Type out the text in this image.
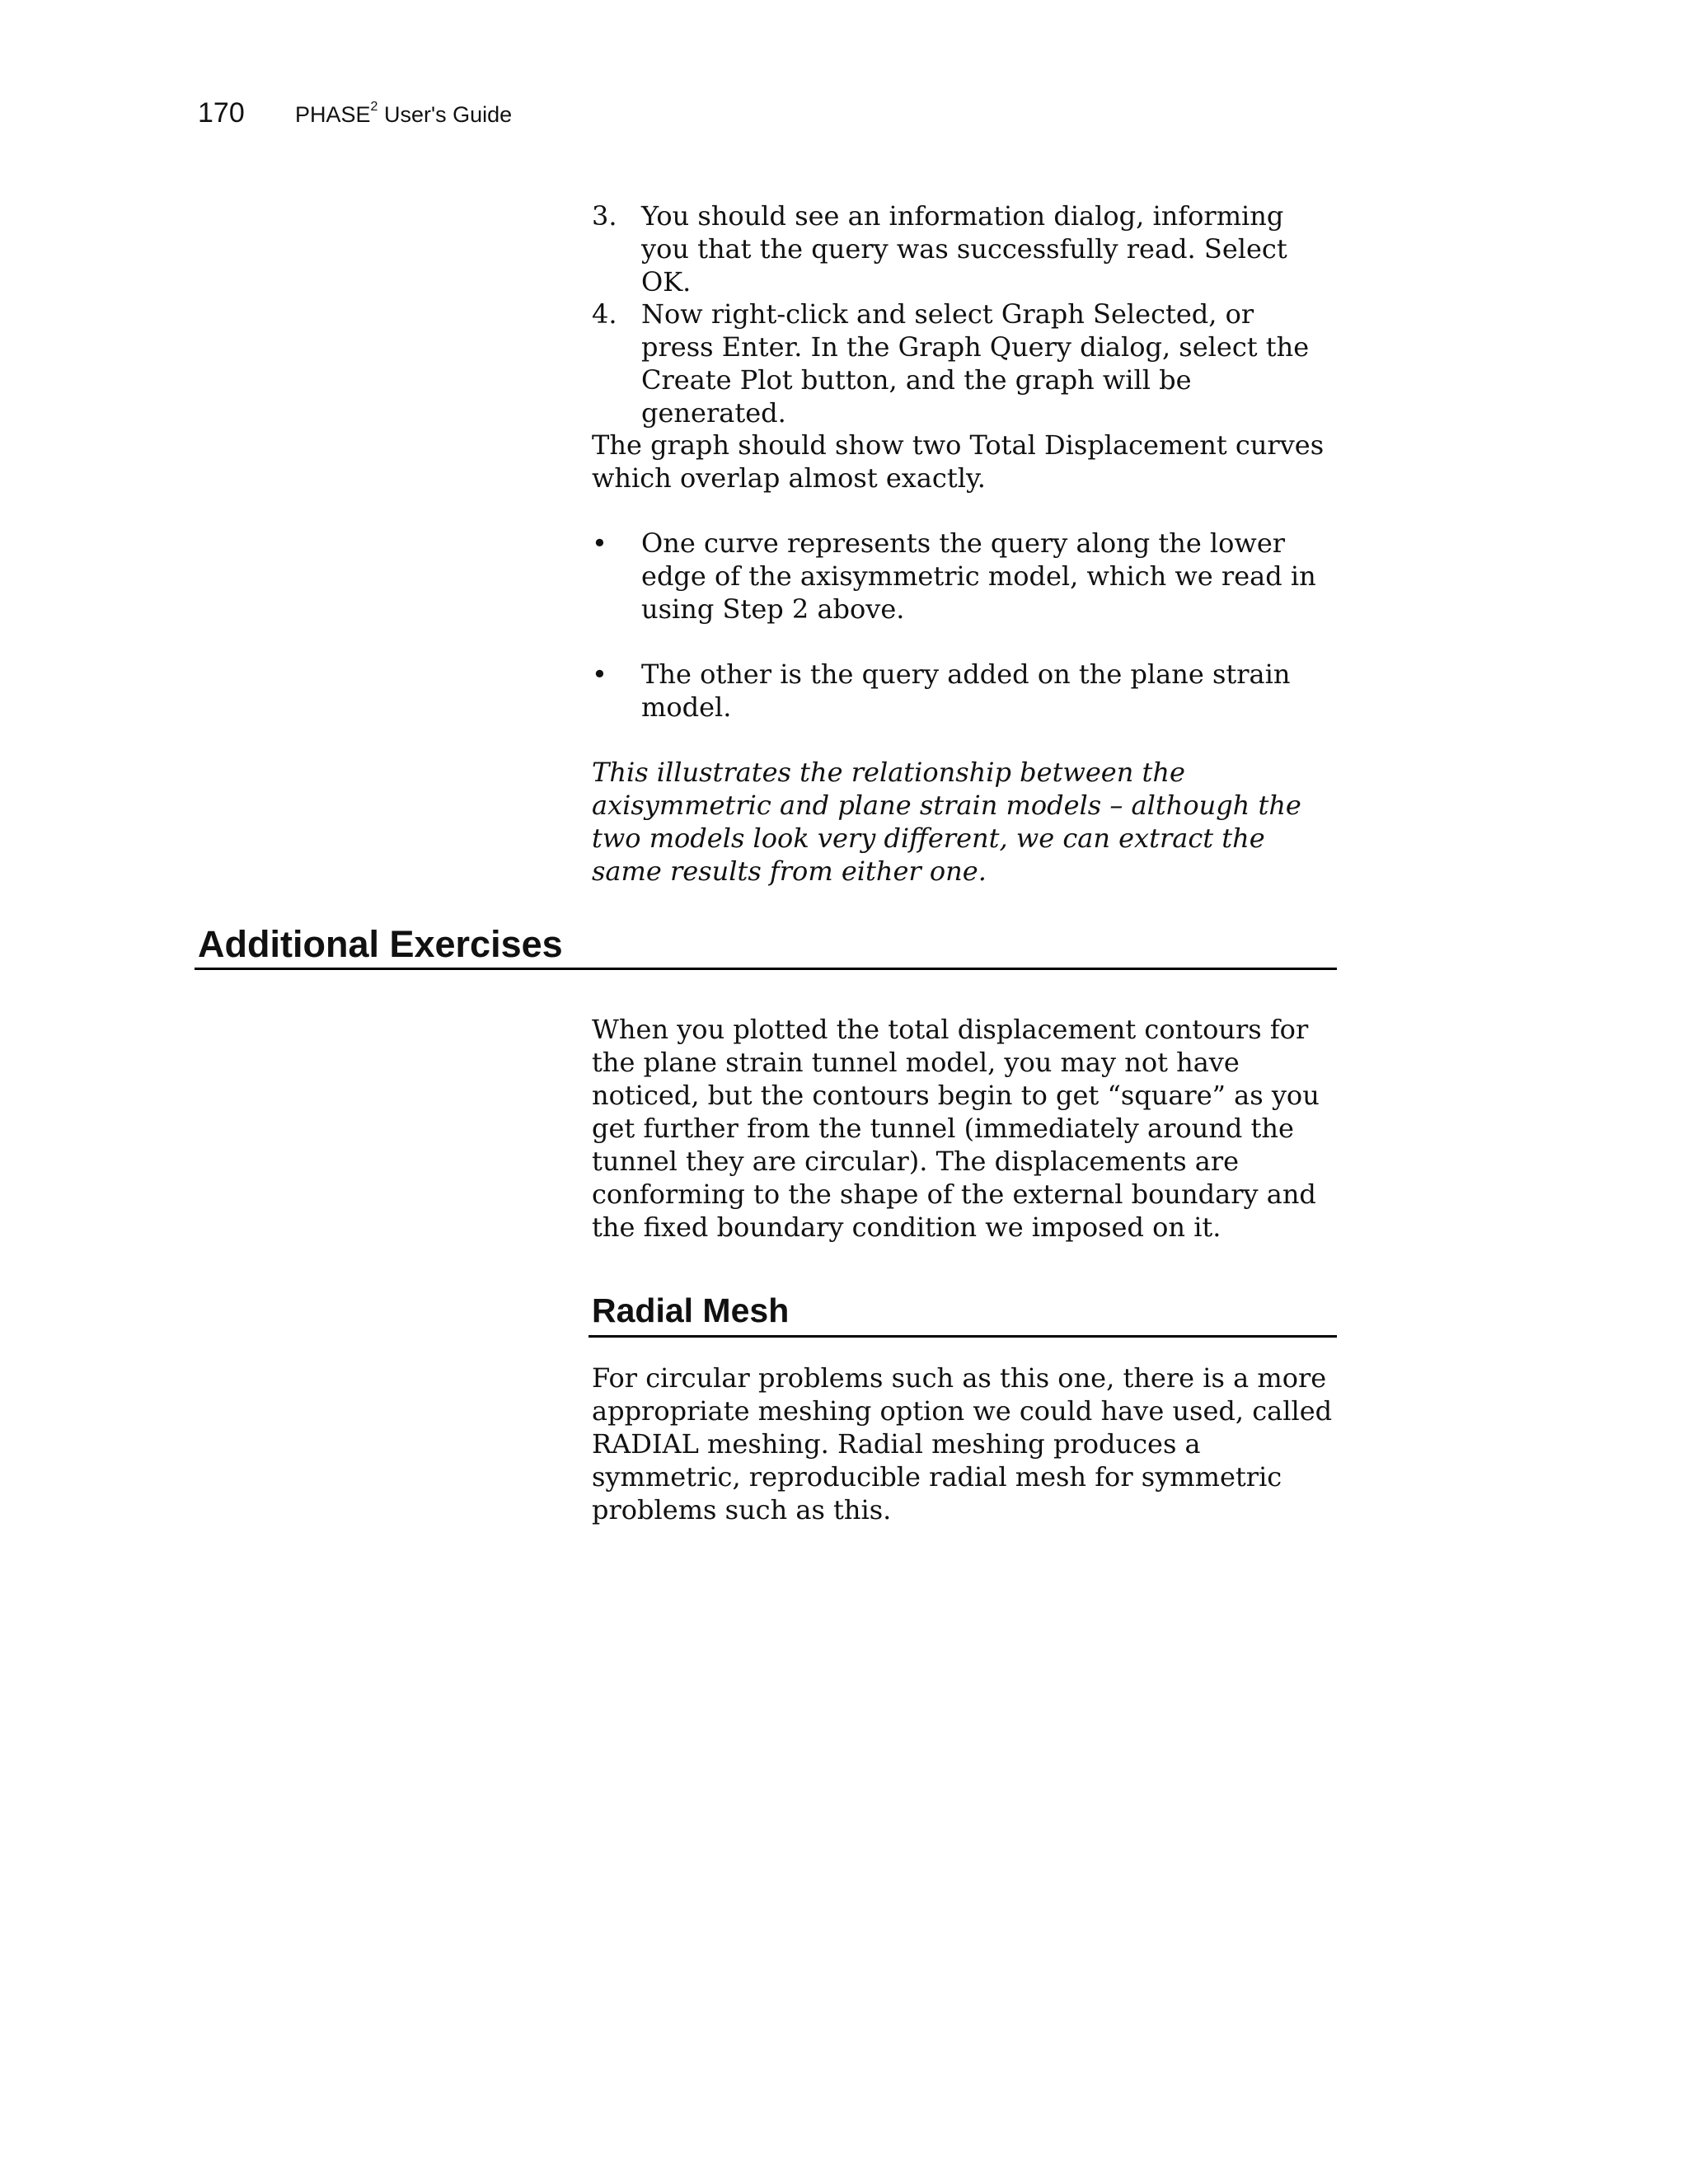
170	PHASE$^2$ User's Guide
3. You should see an information dialog, informing you that the query was successfully read. Select OK.

4. Now right-click and select Graph Selected, or press Enter. In the Graph Query dialog, select the Create Plot button, and the graph will be generated.

The graph should show two Total Displacement curves which overlap almost exactly.

•	One curve represents the query along the lower edge of the axisymmetric model, which we read in using Step 2 above.

•	The other is the query added on the plane strain model.

This illustrates the relationship between the axisymmetric and plane strain models – although the two models look very different, we can extract the same results from either one.

Additional Exercises

When you plotted the total displacement contours for the plane strain tunnel model, you may not have noticed, but the contours begin to get “square” as you get further from the tunnel (immediately around the tunnel they are circular). The displacements are conforming to the shape of the external boundary and the fixed boundary condition we imposed on it.

Radial Mesh

For circular problems such as this one, there is a more appropriate meshing option we could have used, called RADIAL meshing. Radial meshing produces a symmetric, reproducible radial mesh for symmetric problems such as this.
